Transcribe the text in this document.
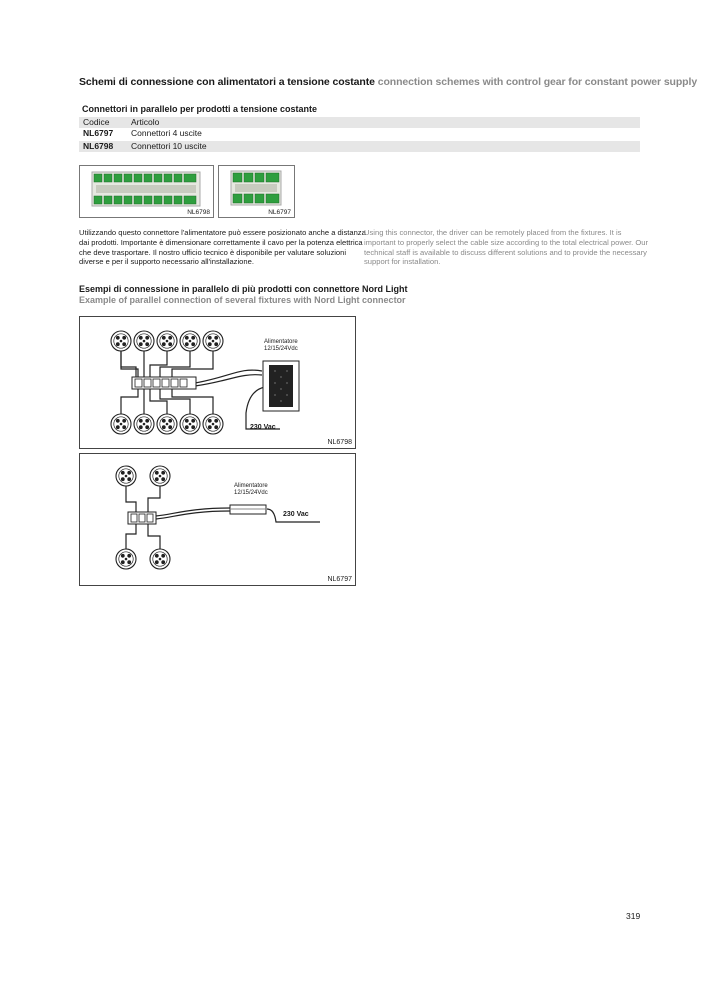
Schemi di connessione con alimentatori a tensione costante connection schemes with control gear for constant power supply
Connettori in parallelo per prodotti a tensione costante
Codice	Articolo
NL6797 Connettori 4 uscite
NL6798 Connettori 10 uscite
NL6798	NL6797
Utilizzando questo connettore l'alimentatore può essere posizionato anche a distanza dai prodotti. Importante è dimensionare correttamente il cavo per la potenza elettrica che deve trasportare. Il nostro ufficio tecnico è disponibile per valutare soluzioni diverse e per il supporto necessario all'installazione.
Using this connector, the driver can be remotely placed from the fixtures. It is important to properly select the cable size according to the total electrical power. Our technical staff is available to discuss different solutions and to provide the necessary support for installation.
Esempi di connessione in parallelo di più prodotti con connettore Nord Light
Example of parallel connection of several fixtures with Nord Light connector
Alimentatore
12/15/24Vdc
230 Vac
NL6798
Alimentatore
12/15/24Vdc
230 Vac
NL6797
319
